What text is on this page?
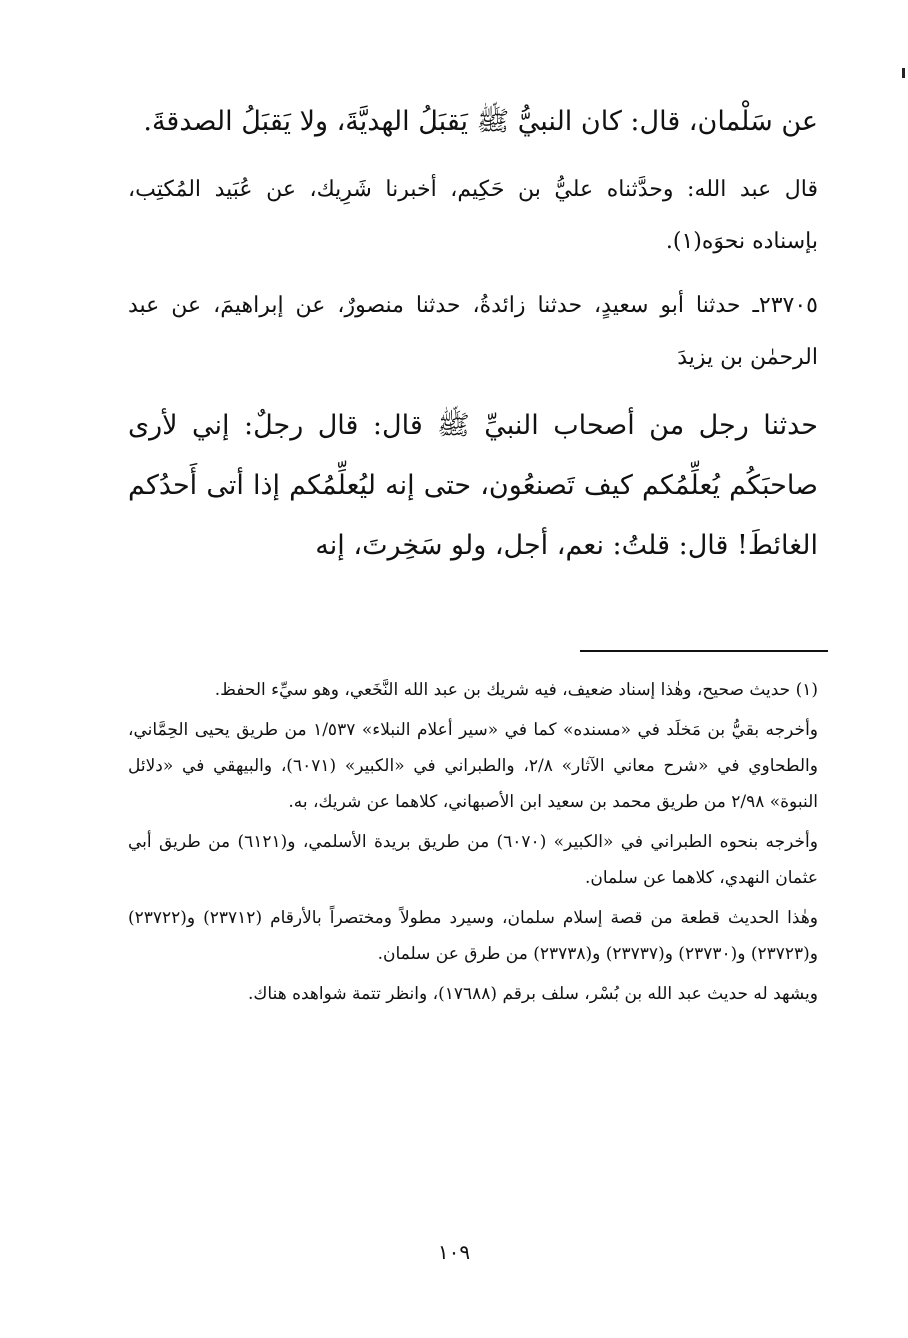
عن سَلْمان، قال: كان النبيُّ ﷺ يَقبَلُ الهديَّةَ، ولا يَقبَلُ الصدقةَ.

قال عبد الله: وحدَّثناه عليُّ بن حَكِيم، أخبرنا شَرِيك، عن عُبَيد المُكتِب، بإسناده نحوَه(١).

٢٣٧٠٥ـ حدثنا أبو سعيدٍ، حدثنا زائدةُ، حدثنا منصورٌ، عن إبراهيمَ، عن عبد الرحمٰن بن يزيدَ

حدثنا رجل من أصحاب النبيِّ ﷺ قال: قال رجلٌ: إني لأرى صاحبَكُم يُعلِّمُكم كيف تَصنعُون، حتى إنه ليُعلِّمُكم إذا أتى أَحدُكم الغائطَ! قال: قلتُ: نعم، أجل، ولو سَخِرتَ، إنه

(١) حديث صحيح، وهٰذا إسناد ضعيف، فيه شريك بن عبد الله النَّخَعي، وهو سيِّء الحفظ.

وأخرجه بقيُّ بن مَخلَد في «مسنده» كما في «سير أعلام النبلاء» ١/٥٣٧ من طريق يحيى الحِمَّاني، والطحاوي في «شرح معاني الآثار» ٢/٨، والطبراني في «الكبير» (٦٠٧١)، والبيهقي في «دلائل النبوة» ٢/٩٨ من طريق محمد بن سعيد ابن الأصبهاني، كلاهما عن شريك، به.

وأخرجه بنحوه الطبراني في «الكبير» (٦٠٧٠) من طريق بريدة الأسلمي، و(٦١٢١) من طريق أبي عثمان النهدي، كلاهما عن سلمان.

وهٰذا الحديث قطعة من قصة إسلام سلمان، وسيرد مطولاً ومختصراً بالأرقام (٢٣٧١٢) و(٢٣٧٢٢) و(٢٣٧٢٣) و(٢٣٧٣٠) و(٢٣٧٣٧) و(٢٣٧٣٨) من طرق عن سلمان.

ويشهد له حديث عبد الله بن بُسْر، سلف برقم (١٧٦٨٨)، وانظر تتمة شواهده هناك.

١٠٩
